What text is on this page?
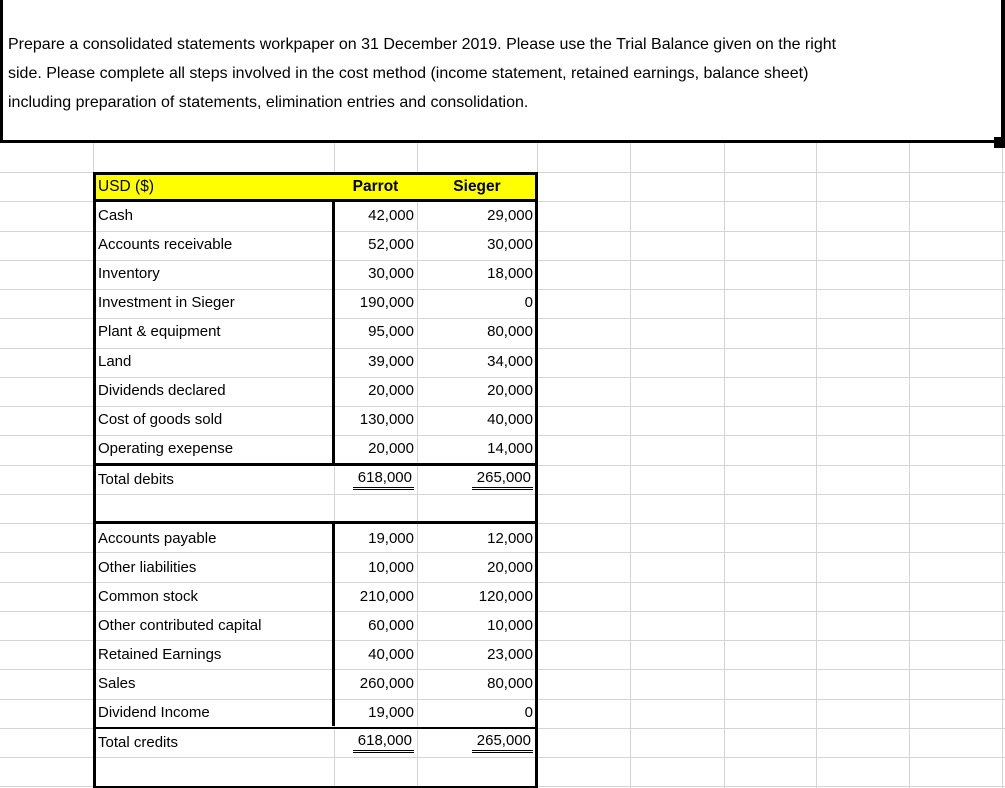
Prepare a consolidated statements workpaper on 31 December 2019. Please use the Trial Balance given on the right
side. Please complete all steps involved in the cost method (income statement, retained earnings, balance sheet)
including preparation of statements, elimination entries and consolidation.
USD ($)	Parrot	Sieger
Cash	42,000	29,000
Accounts receivable	52,000	30,000
Inventory	30,000	18,000
Investment in Sieger	190,000	0
Plant & equipment	95,000	80,000
Land	39,000	34,000
Dividends declared	20,000	20,000
Cost of goods sold	130,000	40,000
Operating exepense	20,000	14,000
Total debits	618,000	265,000
Accounts payable	19,000	12,000
Other liabilities	10,000	20,000
Common stock	210,000	120,000
Other contributed capital	60,000	10,000
Retained Earnings	40,000	23,000
Sales	260,000	80,000
Dividend Income	19,000	0
Total credits	618,000	265,000
